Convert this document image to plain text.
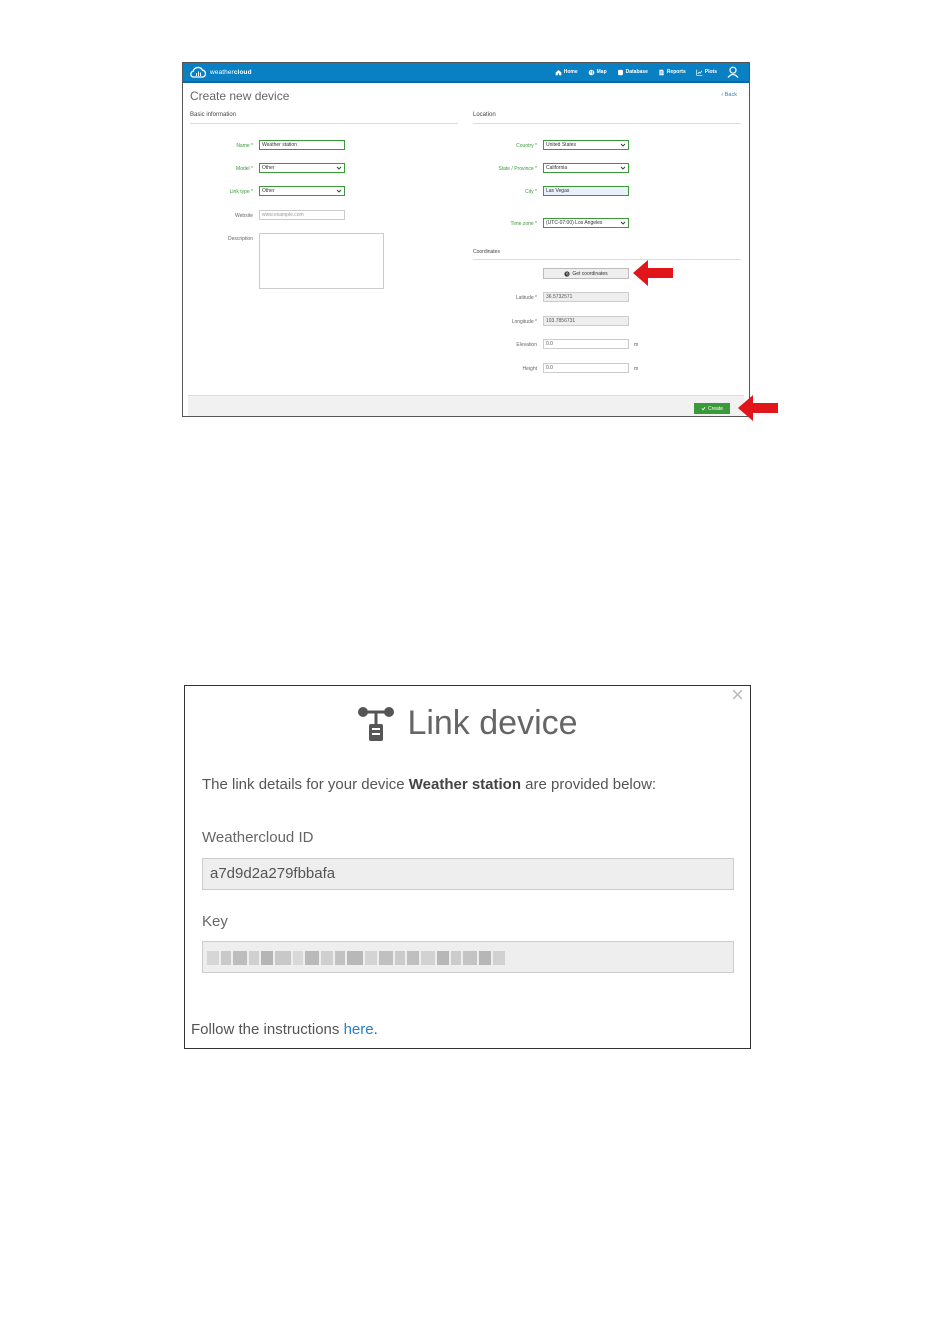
weathercloud	Home	Map	Database	Reports	Plots
Create new device	‹ Back
Basic information	Location
Name *	Weather station
Model *	Other
Link type *	Other
Website	www.example.com
Description
Country *	United States
State / Province *	California
City *	Las Vegas
Time zone *	(UTC-07:00) Los Angeles
Coordinates
Get coordinates
Latitude *	36.5732571
Longitude *	103.7856731
Elevation	0.0	m
Height	0.0	m
Create
×
Link device
The link details for your device Weather station are provided below:
Weathercloud ID
a7d9d2a279fbbafa
Key
Follow the instructions here.
